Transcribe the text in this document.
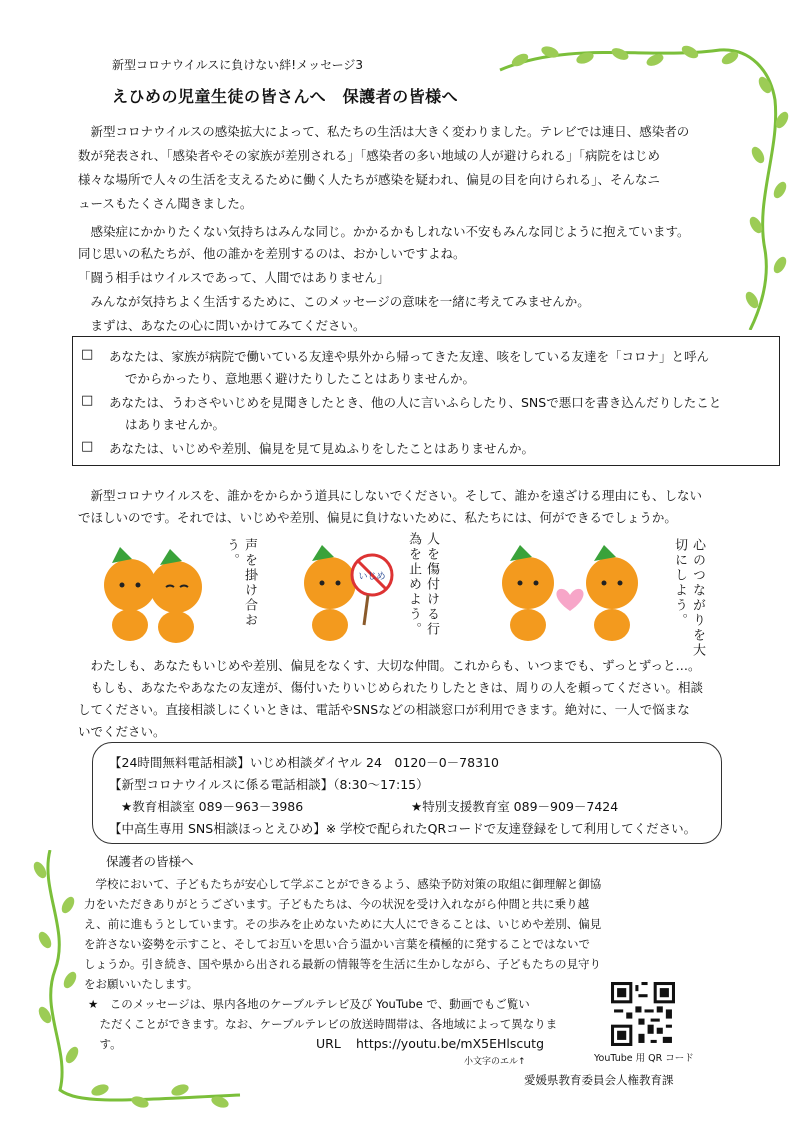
新型コロナウイルスに負けない絆!メッセージ3
えひめの児童生徒の皆さんへ　保護者の皆様へ
　新型コロナウイルスの感染拡大によって、私たちの生活は大きく変わりました。テレビでは連日、感染者の
数が発表され、「感染者やその家族が差別される」「感染者の多い地域の人が避けられる」「病院をはじめ
様々な場所で人々の生活を支えるために働く人たちが感染を疑われ、偏見の目を向けられる」、そんなニ
ュースもたくさん聞きました。
　感染症にかかりたくない気持ちはみんな同じ。かかるかもしれない不安もみんな同じように抱えています。
同じ思いの私たちが、他の誰かを差別するのは、おかしいですよね。
「闘う相手はウイルスであって、人間ではありません」
　みんなが気持ちよく生活するために、このメッセージの意味を一緒に考えてみませんか。
　まずは、あなたの心に問いかけてみてください。
□ あなたは、家族が病院で働いている友達や県外から帰ってきた友達、咳をしている友達を「コロナ」と呼ん
でからかったり、意地悪く避けたりしたことはありませんか。
□ あなたは、うわさやいじめを見聞きしたとき、他の人に言いふらしたり、SNSで悪口を書き込んだりしたこと
はありませんか。
□ あなたは、いじめや差別、偏見を見て見ぬふりをしたことはありませんか。
　新型コロナウイルスを、誰かをからかう道具にしないでください。そして、誰かを遠ざける理由にも、しない
でほしいのです。それでは、いじめや差別、偏見に負けないために、私たちには、何ができるでしょうか。
声を掛け合おう。
いじめ	人を傷付ける行為を止めよう。	心のつながりを大切にしよう。
　わたしも、あなたもいじめや差別、偏見をなくす、大切な仲間。これからも、いつまでも、ずっとずっと…。
　もしも、あなたやあなたの友達が、傷付いたりいじめられたりしたときは、周りの人を頼ってください。相談
してください。直接相談しにくいときは、電話やSNSなどの相談窓口が利用できます。絶対に、一人で悩まな
いでください。
【24時間無料電話相談】いじめ相談ダイヤル 24　0120－0－78310
【新型コロナウイルスに係る電話相談】（8:30～17:15）
★教育相談室 089－963－3986	★特別支援教育室 089－909－7424
【中高生専用 SNS相談ほっとえひめ】※ 学校で配られたQRコードで友達登録をして利用してください。
保護者の皆様へ
　学校において、子どもたちが安心して学ぶことができるよう、感染予防対策の取組に御理解と御協
力をいただきありがとうございます。子どもたちは、今の状況を受け入れながら仲間と共に乗り越
え、前に進もうとしています。その歩みを止めないために大人にできることは、いじめや差別、偏見
を許さない姿勢を示すこと、そしてお互いを思い合う温かい言葉を積極的に発することではないで
しょうか。引き続き、国や県から出される最新の情報等を生活に生かしながら、子どもたちの見守り
をお願いいたします。
★　このメッセージは、県内各地のケーブルテレビ及び YouTube で、動画でもご覧い
　ただくことができます。なお、ケーブルテレビの放送時間帯は、各地域によって異なりま
　す。	URL https://youtu.be/mX5EHlscutg
小文字のエル↑	YouTube 用 QR コード
愛媛県教育委員会人権教育課
